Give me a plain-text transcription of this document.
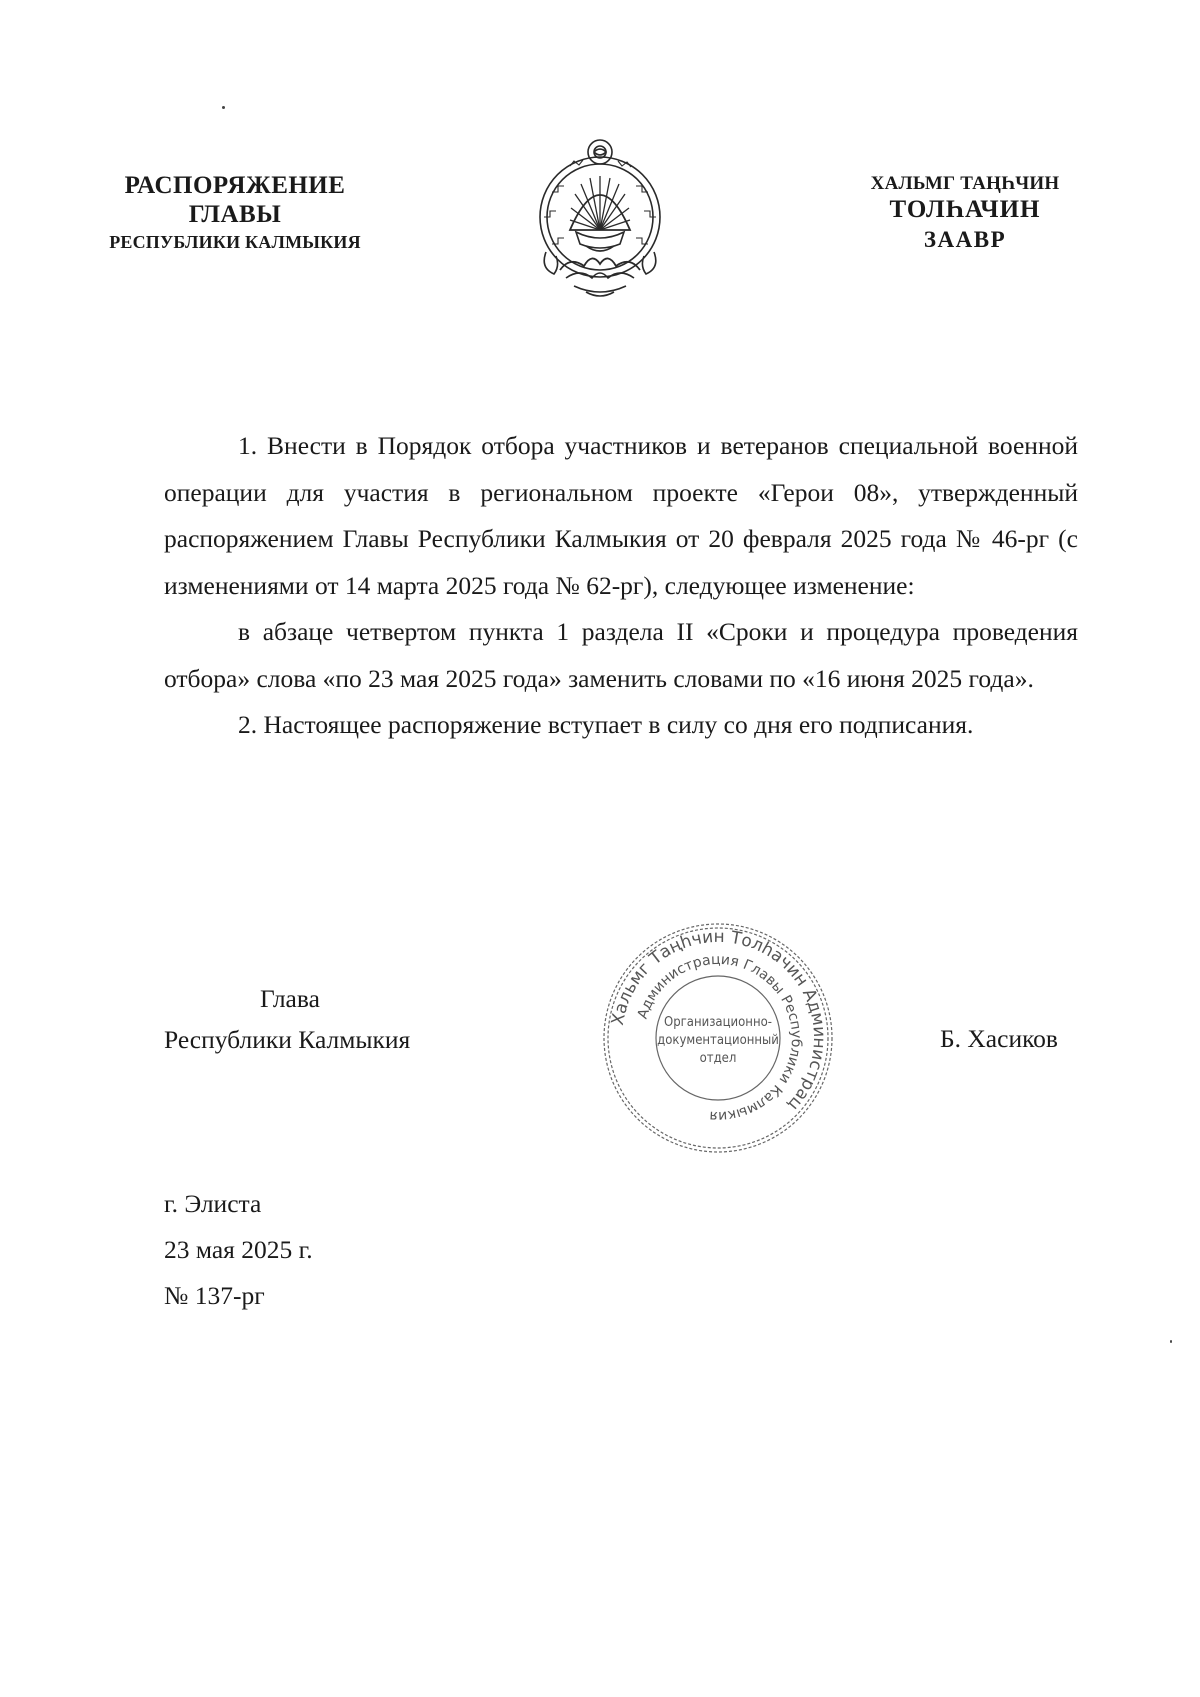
РАСПОРЯЖЕНИЕ
ГЛАВЫ
РЕСПУБЛИКИ КАЛМЫКИЯ
ХАЛЬМГ ТАҢҺЧИН
ТОЛҺАЧИН
ЗААВР

1. Внести в Порядок отбора участников и ветеранов специальной военной операции для участия в региональном проекте «Герои 08», утвержденный распоряжением Главы Республики Калмыкия от 20 февраля 2025 года № 46-рг (с изменениями от 14 марта 2025 года № 62-рг), следующее изменение:

в абзаце четвертом пункта 1 раздела II «Сроки и процедура проведения отбора» слова «по 23 мая 2025 года» заменить словами по «16 июня 2025 года».

2. Настоящее распоряжение вступает в силу со дня его подписания.

Глава
Республики Калмыкия
Хальмг Таңһчин Толһачин Администрац
Администрация Главы Республики Калмыкия
Организационно-
документационный
отдел
Б. Хасиков
г. Элиста
23 мая 2025 г.
№ 137-рг
